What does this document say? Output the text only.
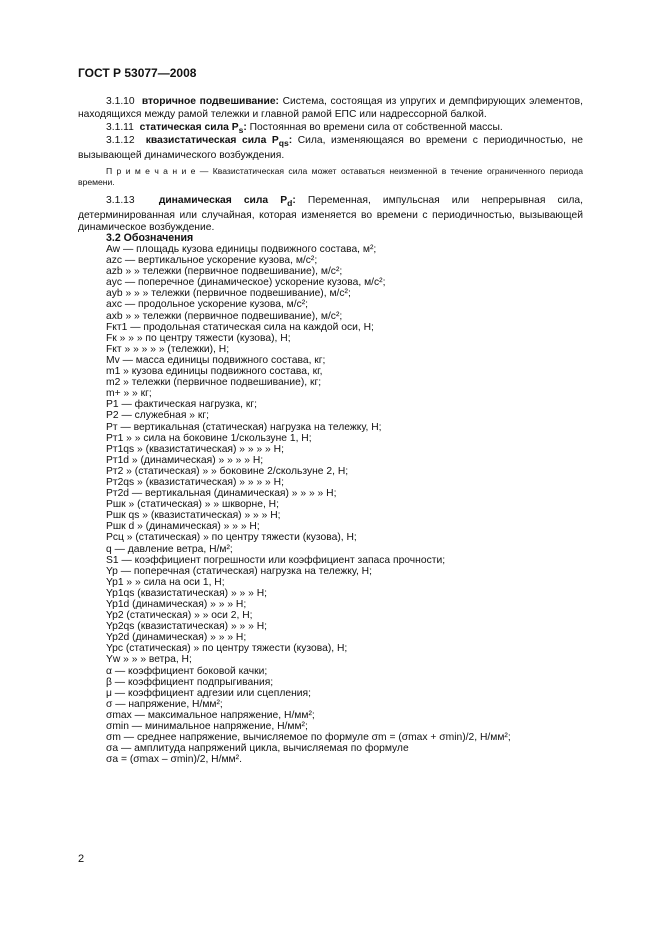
ГОСТ Р 53077—2008
3.1.10 вторичное подвешивание: Система, состоящая из упругих и демпфирующих элементов, находящихся между рамой тележки и главной рамой ЕПС или надрессорной балкой.
3.1.11 статическая сила $P_s$: Постоянная во времени сила от собственной массы.
3.1.12 квазистатическая сила $P_{qs}$: Сила, изменяющаяся во времени с периодичностью, не вызывающей динамического возбуждения.
П р и м е ч а н и е — Квазистатическая сила может оставаться неизменной в течение ограниченного периода времени.
3.1.13 динамическая сила $P_d$: Переменная, импульсная или непрерывная сила, детерминированная или случайная, которая изменяется во времени с периодичностью, вызывающей динамическое возбуждение.
3.2 Обозначения
Aw — площадь кузова единицы подвижного состава, м²;
azc — вертикальное ускорение кузова, м/с²;
azb » » тележки (первичное подвешивание), м/с²;
ayc — поперечное (динамическое) ускорение кузова, м/с²;
ayb » » » тележки (первичное подвешивание), м/с²;
axc — продольное ускорение кузова, м/с²;
axb » » тележки (первичное подвешивание), м/с²;
Fкт1 — продольная статическая сила на каждой оси, Н;
Fк » » » по центру тяжести (кузова), Н;
Fкт » » » » » (тележки), Н;
Mv — масса единицы подвижного состава, кг;
m1 » кузова единицы подвижного состава, кг,
m2 » тележки (первичное подвешивание), кг;
m+ » » кг;
P1 — фактическая нагрузка, кг;
P2 — служебная » кг;
Pт — вертикальная (статическая) нагрузка на тележку, Н;
Pт1 » » сила на боковине 1/скользуне 1, Н;
Pт1qs » (квазистатическая) » » » » Н;
Pт1d » (динамическая) » » » » Н;
Pт2 » (статическая) » » боковине 2/скользуне 2, Н;
Pт2qs » (квазистатическая) » » » » Н;
Pт2d — вертикальная (динамическая) » » » » Н;
Pшк » (статическая) » » шкворне, Н;
Pшк qs » (квазистатическая) » » » Н;
Pшк d » (динамическая) » » » Н;
Pсц » (статическая) » по центру тяжести (кузова), Н;
q — давление ветра, Н/м²;
S1 — коэффициент погрешности или коэффициент запаса прочности;
Yp — поперечная (статическая) нагрузка на тележку, Н;
Yp1 » » сила на оси 1, Н;
Yp1qs (квазистатическая) » » » Н;
Yp1d (динамическая) » » » Н;
Yp2 (статическая) » » оси 2, Н;
Yp2qs (квазистатическая) » » » Н;
Yp2d (динамическая) » » » Н;
Ypc (статическая) » по центру тяжести (кузова), Н;
Yw » » » ветра, Н;
α — коэффициент боковой качки;
β — коэффициент подпрыгивания;
μ — коэффициент адгезии или сцепления;
σ — напряжение, Н/мм²;
σmax — максимальное напряжение, Н/мм²;
σmin — минимальное напряжение, Н/мм²;
σm — среднее напряжение, вычисляемое по формуле σm = (σmax + σmin)/2, Н/мм²;
σa — амплитуда напряжений цикла, вычисляемая по формуле
σa = (σmax – σmin)/2, Н/мм².
2
